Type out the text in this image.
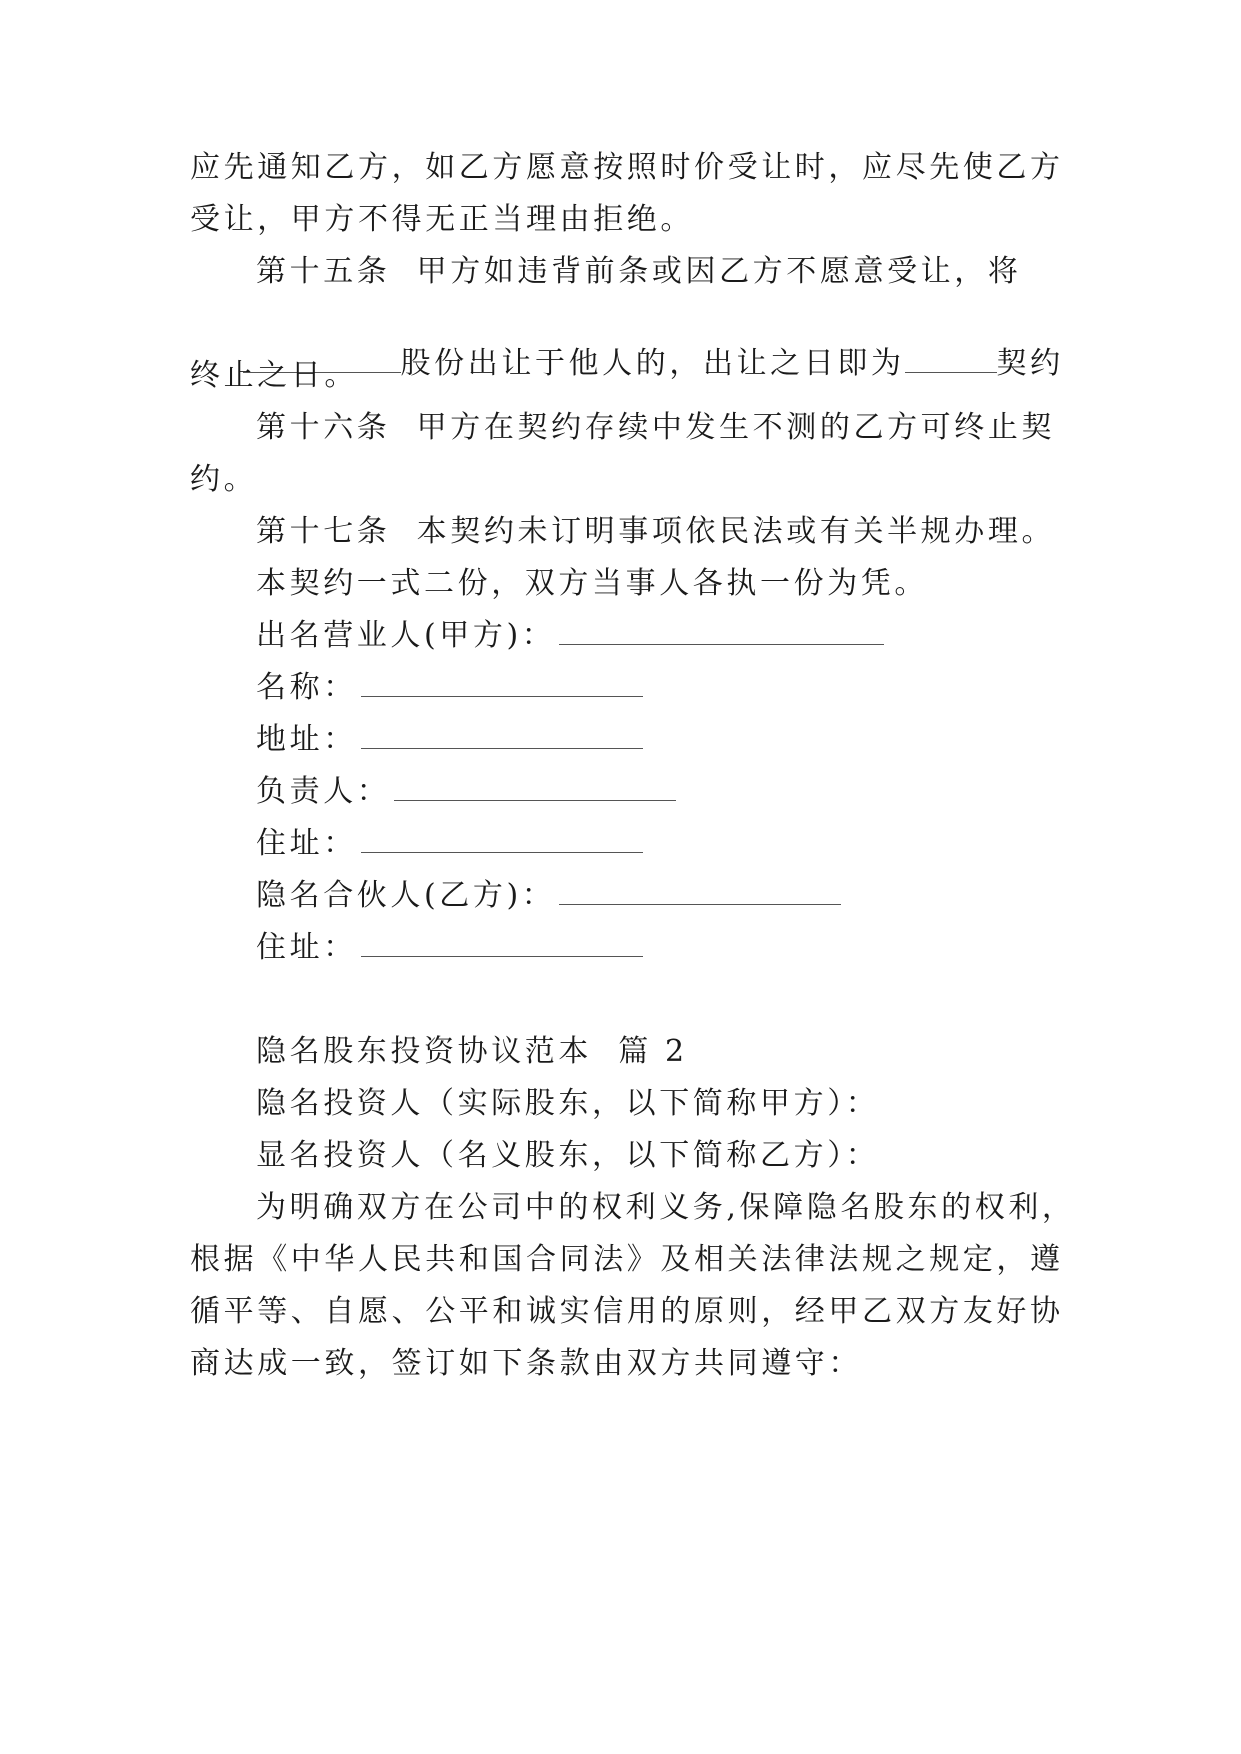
应先通知乙方，如乙方愿意按照时价受让时，应尽先使乙方
受让，甲方不得无正当理由拒绝。
第十五条  甲方如违背前条或因乙方不愿意受让，将

股份出让于他人的，出让之日即为	契约

终止之日。
第十六条  甲方在契约存续中发生不测的乙方可终止契
约。
第十七条  本契约未订明事项依民法或有关半规办理。
本契约一式二份，双方当事人各执一份为凭。
出名营业人(甲方)：
名称：
地址：
负责人：
住址：
隐名合伙人(乙方)：
住址：
隐名股东投资协议范本  篇 2
隐名投资人（实际股东，以下简称甲方）：
显名投资人（名义股东，以下简称乙方）：
为明确双方在公司中的权利义务,保障隐名股东的权利，
根据《中华人民共和国合同法》及相关法律法规之规定，遵
循平等、自愿、公平和诚实信用的原则，经甲乙双方友好协
商达成一致，签订如下条款由双方共同遵守：
